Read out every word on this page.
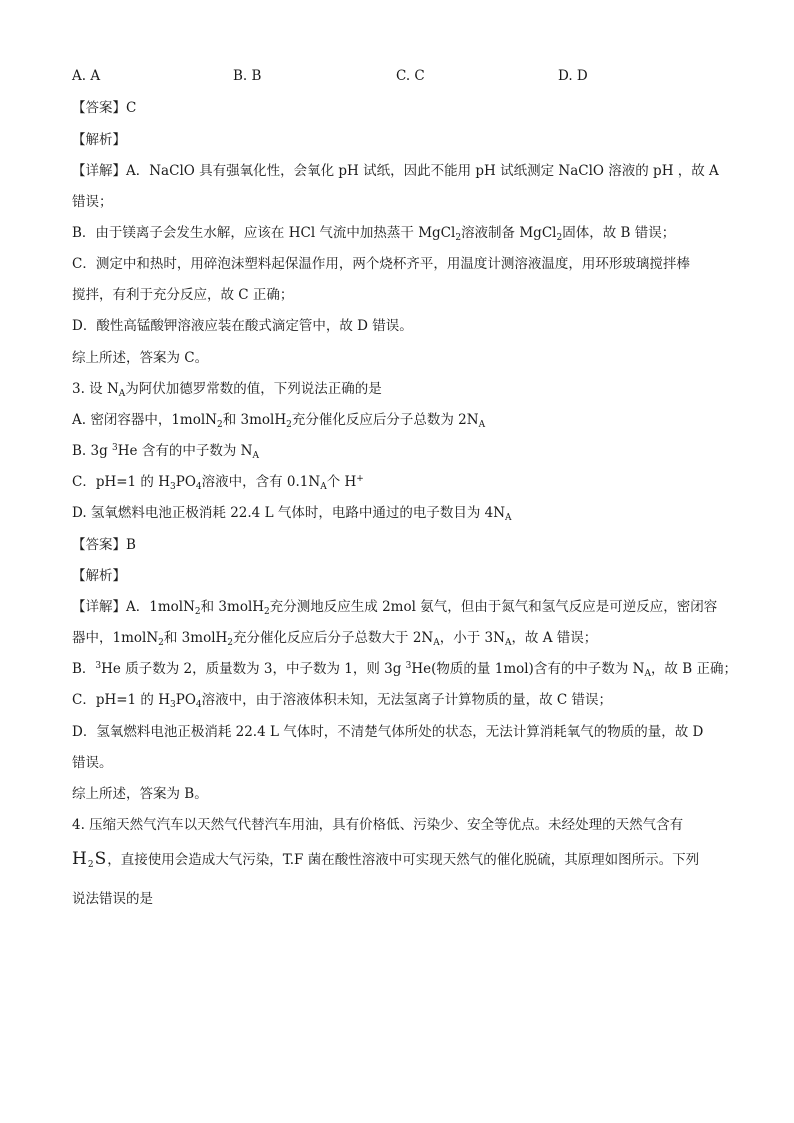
A. A	B. B	C. C	D. D
【答案】C
【解析】
【详解】A．NaClO 具有强氧化性，会氧化 pH 试纸，因此不能用 pH 试纸测定 NaClO 溶液的 pH ，故 A
错误；
B．由于镁离子会发生水解，应该在 HCl 气流中加热蒸干 MgCl$_2$溶液制备 MgCl$_2$固体，故 B 错误；
C．测定中和热时，用碎泡沫塑料起保温作用，两个烧杯齐平，用温度计测溶液温度，用环形玻璃搅拌棒
搅拌，有利于充分反应，故 C 正确；
D．酸性高锰酸钾溶液应装在酸式滴定管中，故 D 错误。
综上所述，答案为 C。
3. 设 $N_A$为阿伏加德罗常数的值，下列说法正确的是
A. 密闭容器中，1molN$_2$和 3molH$_2$充分催化反应后分子总数为 $2N_A$
B. 3g $^3$He 含有的中子数为 $N_A$
C．pH=1 的 $H_3PO_4$溶液中，含有 $0.1N_A$个 H+
D. 氢氧燃料电池正极消耗 22.4 L 气体时，电路中通过的电子数目为 $4N_A$
【答案】B
【解析】
【详解】A．1molN$_2$和 3molH$_2$充分测地反应生成 2mol 氨气，但由于氮气和氢气反应是可逆反应，密闭容
器中，1molN$_2$和 3molH$_2$充分催化反应后分子总数大于 $2N_A$，小于 $3N_A$，故 A 错误；
B．$^3$He 质子数为 2，质量数为 3，中子数为 1，则 3g $^3$He(物质的量 1mol)含有的中子数为 $N_A$，故 B 正确；
C．pH=1 的 $H_3PO_4$溶液中，由于溶液体积未知，无法氢离子计算物质的量，故 C 错误；
D．氢氧燃料电池正极消耗 22.4 L 气体时，不清楚气体所处的状态，无法计算消耗氧气的物质的量，故 D
错误。
综上所述，答案为 B。
4. 压缩天然气汽车以天然气代替汽车用油，具有价格低、污染少、安全等优点。未经处理的天然气含有
$H_2S$，直接使用会造成大气污染，T.F 菌在酸性溶液中可实现天然气的催化脱硫，其原理如图所示。下列
说法错误的是
